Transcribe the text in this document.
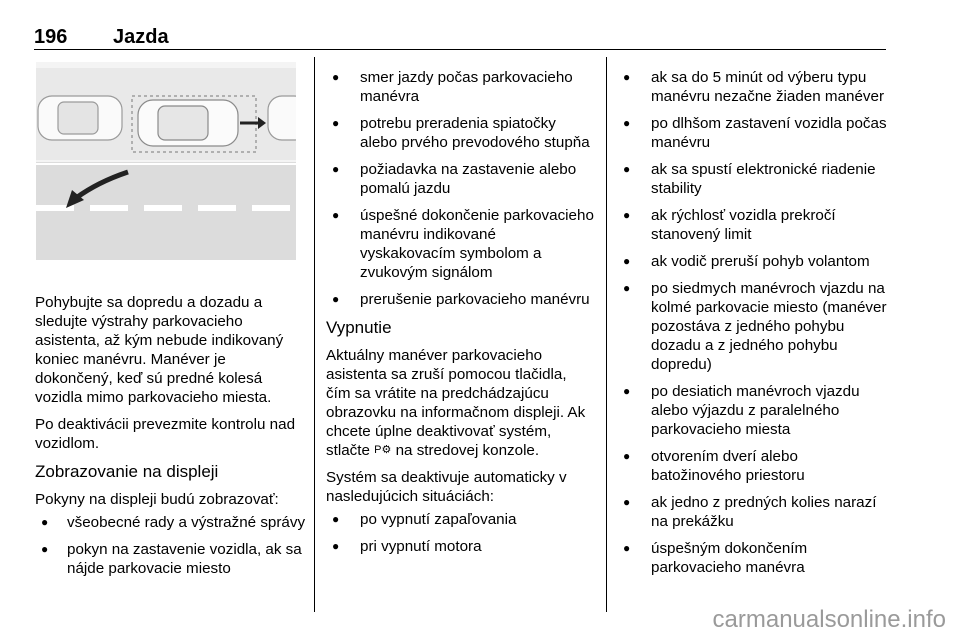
196 Jazda

Pohybujte sa dopredu a dozadu a sledujte výstrahy parkovacieho asistenta, až kým nebude indikovaný koniec manévru. Manéver je dokončený, keď sú predné kolesá vozidla mimo parkovacieho miesta.

Po deaktivácii prevezmite kontrolu nad vozidlom.

Zobrazovanie na displeji

Pokyny na displeji budú zobrazovať:

● všeobecné rady a výstražné správy
● pokyn na zastavenie vozidla, ak sa nájde parkovacie miesto
● smer jazdy počas parkovacieho manévra
● potrebu preradenia spiatočky alebo prvého prevodového stupňa
● požiadavka na zastavenie alebo pomalú jazdu
● úspešné dokončenie parkovacieho manévru indikované vyskakovacím symbolom a zvukovým signálom
● prerušenie parkovacieho manévru
Vypnutie

Aktuálny manéver parkovacieho asistenta sa zruší pomocou tlačidla, čím sa vrátite na predchádzajúcu obrazovku na informačnom displeji. Ak chcete úplne deaktivovať systém, stlačte P⚙ na stredovej konzole.

Systém sa deaktivuje automaticky v nasledujúcich situáciách:

● po vypnutí zapaľovania
● pri vypnutí motora
● ak sa do 5 minút od výberu typu manévru nezačne žiaden manéver
● po dlhšom zastavení vozidla počas manévru
● ak sa spustí elektronické riadenie stability
● ak rýchlosť vozidla prekročí stanovený limit
● ak vodič preruší pohyb volantom
● po siedmych manévroch vjazdu na kolmé parkovacie miesto (manéver pozostáva z jedného pohybu dozadu a z jedného pohybu dopredu)
● po desiatich manévroch vjazdu alebo výjazdu z paralelného parkovacieho miesta
● otvorením dverí alebo batožinového priestoru
● ak jedno z predných kolies narazí na prekážku
● úspešným dokončením parkovacieho manévra
carmanualsonline.info
